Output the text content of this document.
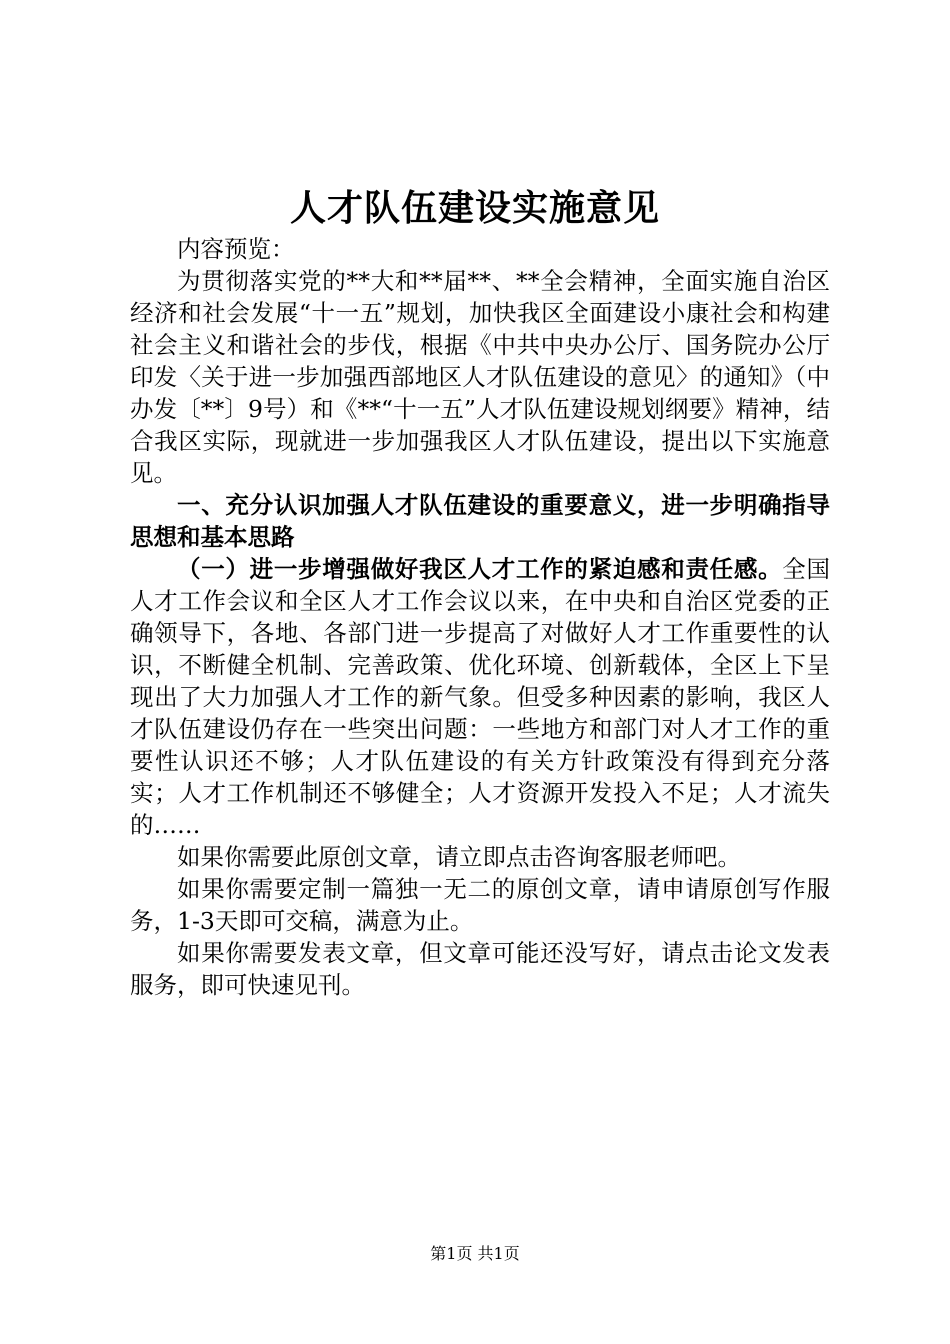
人才队伍建设实施意见

内容预览：

为贯彻落实党的**大和**届**、**全会精神，全面实施自治区经济和社会发展“十一五”规划，加快我区全面建设小康社会和构建社会主义和谐社会的步伐，根据《中共中央办公厅、国务院办公厅印发〈关于进一步加强西部地区人才队伍建设的意见〉的通知》（中办发〔**〕9号）和《**“十一五”人才队伍建设规划纲要》精神，结合我区实际，现就进一步加强我区人才队伍建设，提出以下实施意见。

一、充分认识加强人才队伍建设的重要意义，进一步明确指导思想和基本思路

（一）进一步增强做好我区人才工作的紧迫感和责任感。全国人才工作会议和全区人才工作会议以来，在中央和自治区党委的正确领导下，各地、各部门进一步提高了对做好人才工作重要性的认识，不断健全机制、完善政策、优化环境、创新载体，全区上下呈现出了大力加强人才工作的新气象。但受多种因素的影响，我区人才队伍建设仍存在一些突出问题：一些地方和部门对人才工作的重要性认识还不够；人才队伍建设的有关方针政策没有得到充分落实；人才工作机制还不够健全；人才资源开发投入不足；人才流失的……

如果你需要此原创文章，请立即点击咨询客服老师吧。

如果你需要定制一篇独一无二的原创文章，请申请原创写作服务，1-3天即可交稿，满意为止。

如果你需要发表文章，但文章可能还没写好，请点击论文发表服务，即可快速见刊。

第1页 共1页
